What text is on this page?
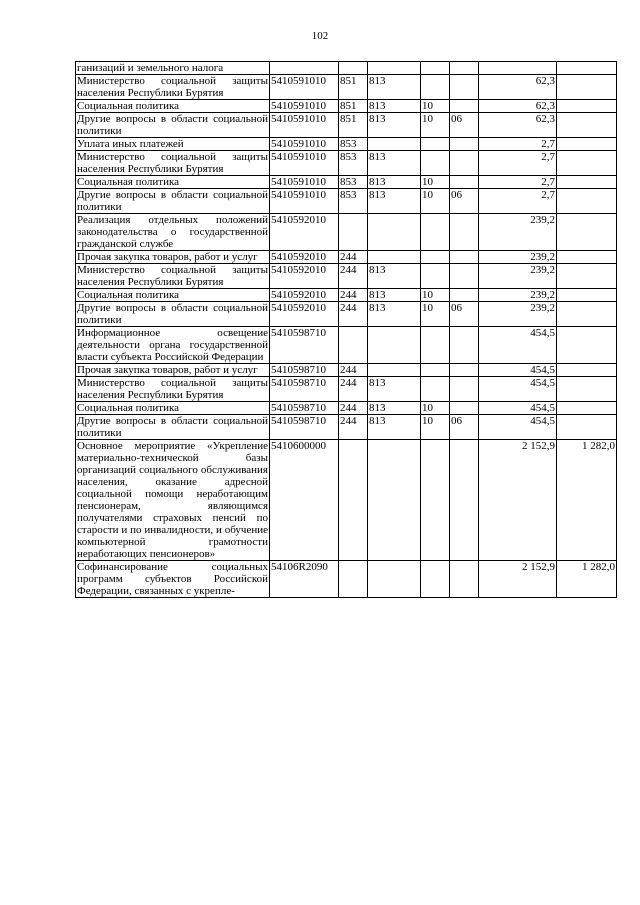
102
ганизаций и земельного налога							
Министерство социальной защиты населения Республики Бурятия	5410591010	851	813			62,3	
Социальная политика	5410591010	851	813	10		62,3	
Другие вопросы в области социальной политики	5410591010	851	813	10	06	62,3	
Уплата иных платежей	5410591010	853				2,7	
Министерство социальной защиты населения Республики Бурятия	5410591010	853	813			2,7	
Социальная политика	5410591010	853	813	10		2,7	
Другие вопросы в области социальной политики	5410591010	853	813	10	06	2,7	
Реализация отдельных положений законодательства о государственной гражданской службе	5410592010					239,2	
Прочая закупка товаров, работ и услуг	5410592010	244				239,2	
Министерство социальной защиты населения Республики Бурятия	5410592010	244	813			239,2	
Социальная политика	5410592010	244	813	10		239,2	
Другие вопросы в области социальной политики	5410592010	244	813	10	06	239,2	
Информационное освещение деятельности органа государственной власти субъекта Российской Федерации	5410598710					454,5	
Прочая закупка товаров, работ и услуг	5410598710	244				454,5	
Министерство социальной защиты населения Республики Бурятия	5410598710	244	813			454,5	
Социальная политика	5410598710	244	813	10		454,5	
Другие вопросы в области социальной политики	5410598710	244	813	10	06	454,5	
Основное мероприятие «Укрепление материально-технической базы организаций социального обслуживания населения, оказание адресной социальной помощи неработающим пенсионерам, являющимся получателями страховых пенсий по старости и по инвалидности, и обучение компьютерной грамотности неработающих пенсионеров»	5410600000					2 152,9	1 282,0
Софинансирование социальных программ субъектов Российской Федерации, связанных с укрепле-	54106R2090					2 152,9	1 282,0
